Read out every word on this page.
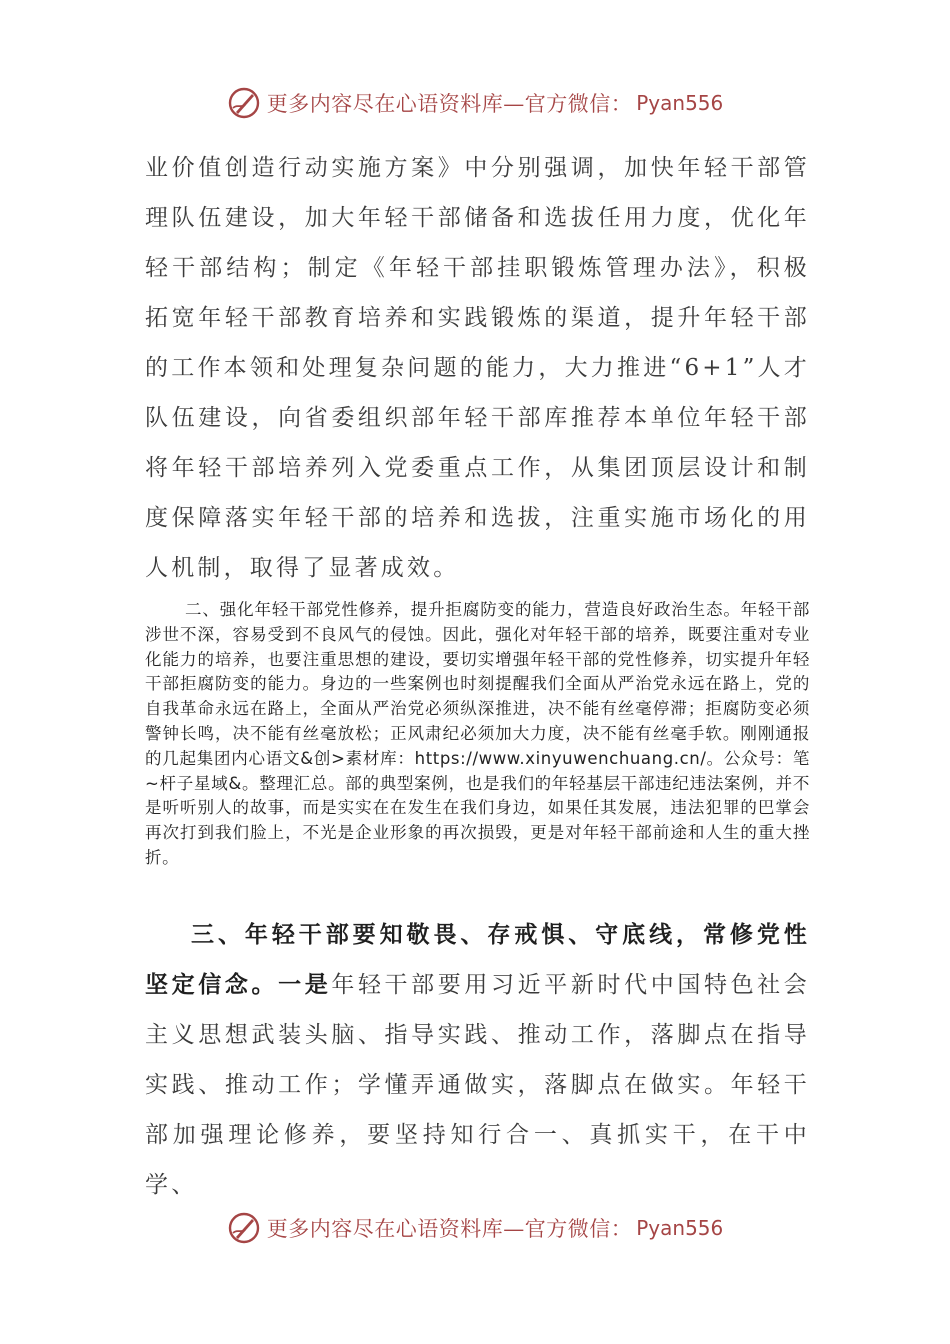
更多内容尽在心语资料库—官方微信： Pyan556

业价值创造行动实施方案》中分别强调，加快年轻干部管理队伍建设，加大年轻干部储备和选拔任用力度，优化年轻干部结构；制定《年轻干部挂职锻炼管理办法》，积极拓宽年轻干部教育培养和实践锻炼的渠道，提升年轻干部的工作本领和处理复杂问题的能力，大力推进“6+1”人才队伍建设，向省委组织部年轻干部库推荐本单位年轻干部将年轻干部培养列入党委重点工作，从集团顶层设计和制度保障落实年轻干部的培养和选拔，注重实施市场化的用人机制，取得了显著成效。

二、强化年轻干部党性修养，提升拒腐防变的能力，营造良好政治生态。年轻干部涉世不深，容易受到不良风气的侵蚀。因此，强化对年轻干部的培养，既要注重对专业化能力的培养，也要注重思想的建设，要切实增强年轻干部的党性修养，切实提升年轻干部拒腐防变的能力。身边的一些案例也时刻提醒我们全面从严治党永远在路上，党的自我革命永远在路上，全面从严治党必须纵深推进，决不能有丝毫停滞；拒腐防变必须警钟长鸣，决不能有丝毫放松；正风肃纪必须加大力度，决不能有丝毫手软。刚刚通报的几起集团内心语文&创>素材库：https://www.xinyuwenchuang.cn/。公众号：笔~杆子星域&。整理汇总。部的典型案例，也是我们的年轻基层干部违纪违法案例，并不是听听别人的故事，而是实实在在发生在我们身边，如果任其发展，违法犯罪的巴掌会再次打到我们脸上，不光是企业形象的再次损毁，更是对年轻干部前途和人生的重大挫折。

三、年轻干部要知敬畏、存戒惧、守底线，常修党性坚定信念。一是年轻干部要用习近平新时代中国特色社会主义思想武装头脑、指导实践、推动工作，落脚点在指导实践、推动工作；学懂弄通做实，落脚点在做实。年轻干部加强理论修养，要坚持知行合一、真抓实干，在干中学、

更多内容尽在心语资料库—官方微信： Pyan556
